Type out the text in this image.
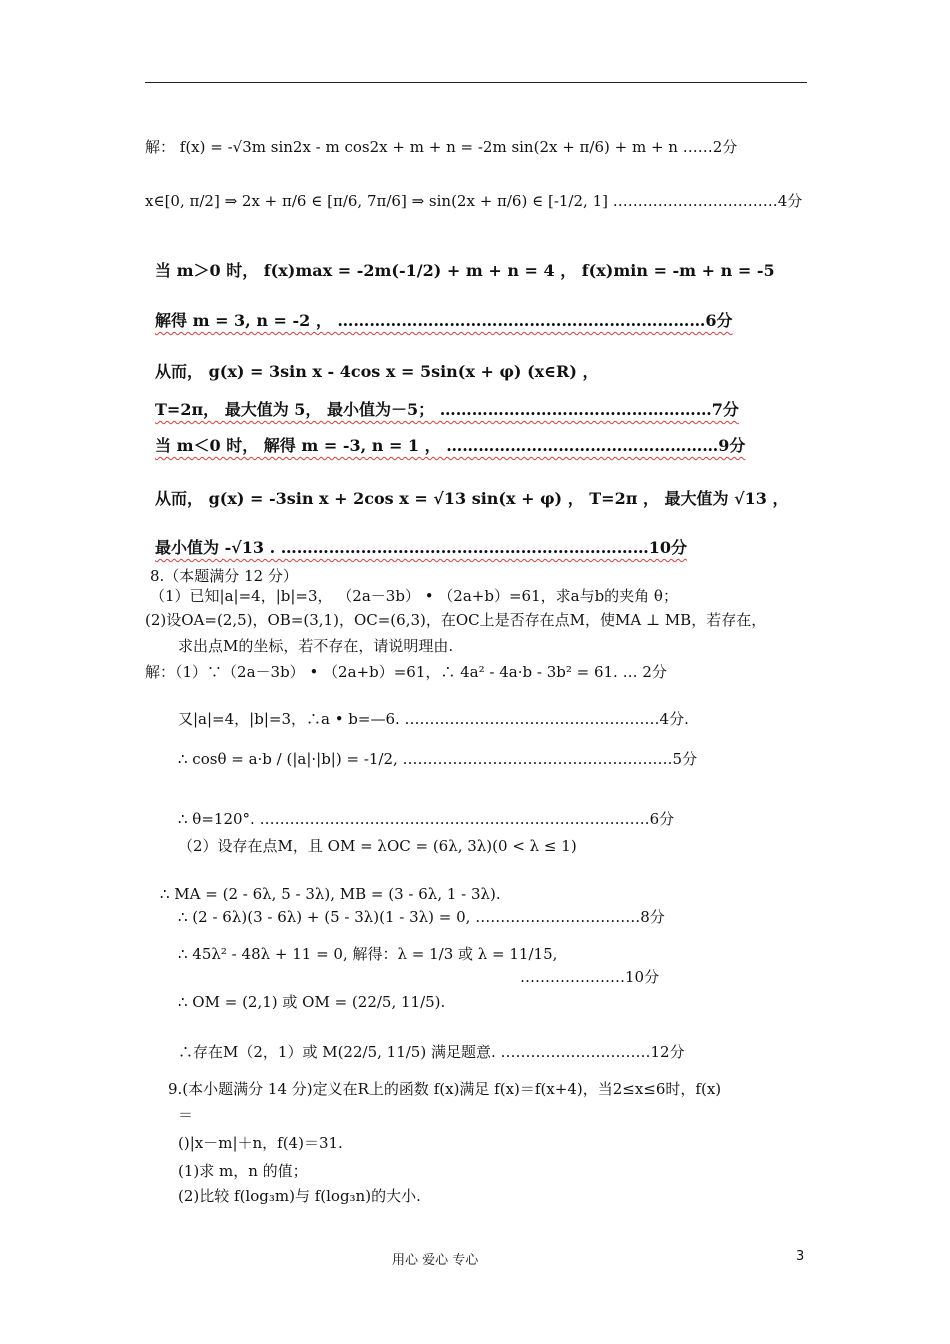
解： f(x) = -√3m sin2x - m cos2x + m + n = -2m sin(2x + π/6) + m + n ……2分
x∈[0, π/2] ⇒ 2x + π/6 ∈ [π/6, 7π/6] ⇒ sin(2x + π/6) ∈ [-1/2, 1] ……………………………4分
当 m＞0 时， f(x)max = -2m(-1/2) + m + n = 4 ， f(x)min = -m + n = -5
解得 m = 3, n = -2 ， ……………………………………………………………6分
从而， g(x) = 3sin x - 4cos x = 5sin(x + φ) (x∈R) ，
T=2π， 最大值为 5， 最小值为－5； ……………………………………………7分
当 m＜0 时， 解得 m = -3, n = 1 ， ……………………………………………9分
从而， g(x) = -3sin x + 2cos x = √13 sin(x + φ) ， T=2π ， 最大值为 √13 ，
最小值为 -√13 . ……………………………………………………………10分
8.（本题满分 12 分）
（1）已知|a|=4，|b|=3， （2a－3b） • （2a+b）=61，求a与b的夹角 θ；
(2)设OA=(2,5)，OB=(3,1)，OC=(6,3)，在OC上是否存在点M，使MA ⊥ MB，若存在，
求出点M的坐标，若不存在，请说明理由.
解：（1）∵（2a－3b） • （2a+b）=61，∴ 4a² - 4a·b - 3b² = 61. … 2分
又|a|=4，|b|=3，∴a • b=—6. ……………………………………………4分.
∴ cosθ = a·b / (|a|·|b|) = -1/2, ………………………………………………5分
∴ θ=120°. ……………………………………………………………………6分
（2）设存在点M，且 OM = λOC = (6λ, 3λ)(0 < λ ≤ 1)
∴ MA = (2 - 6λ, 5 - 3λ), MB = (3 - 6λ, 1 - 3λ).
∴ (2 - 6λ)(3 - 6λ) + (5 - 3λ)(1 - 3λ) = 0, ……………………………8分
∴ 45λ² - 48λ + 11 = 0, 解得：λ = 1/3 或 λ = 11/15,
…………………10分
∴ OM = (2,1) 或 OM = (22/5, 11/5).
∴存在M（2，1）或 M(22/5, 11/5) 满足题意. …………………………12分
9.(本小题满分 14 分)定义在R上的函数 f(x)满足 f(x)＝f(x+4)，当2≤x≤6时，f(x)
＝
()|x－m|＋n，f(4)＝31.
(1)求 m，n 的值；
(2)比较 f(log₃m)与 f(log₃n)的大小.
用心 爱心 专心	3
